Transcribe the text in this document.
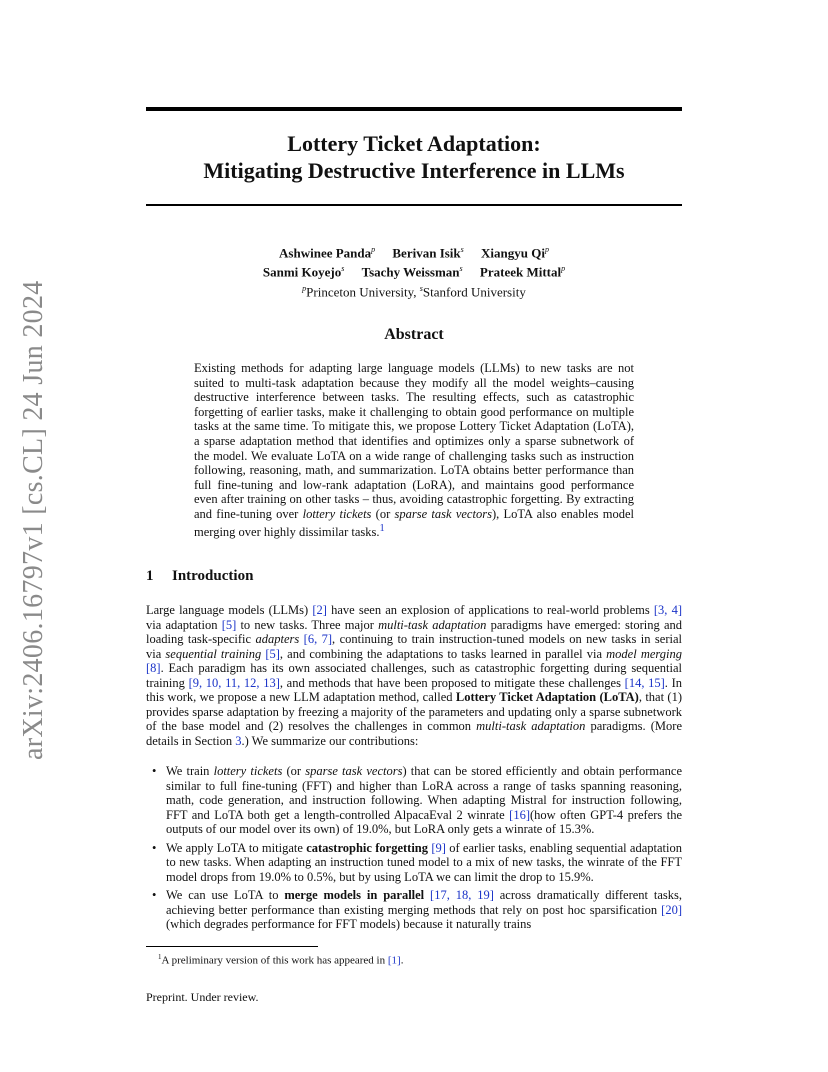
arXiv:2406.16797v1 [cs.CL] 24 Jun 2024
Lottery Ticket Adaptation:
Mitigating Destructive Interference in LLMs
Ashwinee Panda$^p$ Berivan Isik$^s$ Xiangyu Qi$^p$
Sanmi Koyejo$^s$ Tsachy Weissman$^s$ Prateek Mittal$^p$
$^p$Princeton University, $^s$Stanford University
Abstract

Existing methods for adapting large language models (LLMs) to new tasks are not suited to multi-task adaptation because they modify all the model weights–causing destructive interference between tasks. The resulting effects, such as catastrophic forgetting of earlier tasks, make it challenging to obtain good performance on multiple tasks at the same time. To mitigate this, we propose Lottery Ticket Adaptation (LoTA), a sparse adaptation method that identifies and optimizes only a sparse subnetwork of the model. We evaluate LoTA on a wide range of challenging tasks such as instruction following, reasoning, math, and summarization. LoTA obtains better performance than full fine-tuning and low-rank adaptation (LoRA), and maintains good performance even after training on other tasks – thus, avoiding catastrophic forgetting. By extracting and fine-tuning over lottery tickets (or sparse task vectors), LoTA also enables model merging over highly dissimilar tasks.$^1$

1 Introduction

Large language models (LLMs) [2] have seen an explosion of applications to real-world problems [3, 4] via adaptation [5] to new tasks. Three major multi-task adaptation paradigms have emerged: storing and loading task-specific adapters [6, 7], continuing to train instruction-tuned models on new tasks in serial via sequential training [5], and combining the adaptations to tasks learned in parallel via model merging [8]. Each paradigm has its own associated challenges, such as catastrophic forgetting during sequential training [9, 10, 11, 12, 13], and methods that have been proposed to mitigate these challenges [14, 15]. In this work, we propose a new LLM adaptation method, called Lottery Ticket Adaptation (LoTA), that (1) provides sparse adaptation by freezing a majority of the parameters and updating only a sparse subnetwork of the base model and (2) resolves the challenges in common multi-task adaptation paradigms. (More details in Section 3.) We summarize our contributions:

• We train lottery tickets (or sparse task vectors) that can be stored efficiently and obtain performance similar to full fine-tuning (FFT) and higher than LoRA across a range of tasks spanning reasoning, math, code generation, and instruction following. When adapting Mistral for instruction following, FFT and LoTA both get a length-controlled AlpacaEval 2 winrate [16](how often GPT-4 prefers the outputs of our model over its own) of 19.0%, but LoRA only gets a winrate of 15.3%.
• We apply LoTA to mitigate catastrophic forgetting [9] of earlier tasks, enabling sequential adaptation to new tasks. When adapting an instruction tuned model to a mix of new tasks, the winrate of the FFT model drops from 19.0% to 0.5%, but by using LoTA we can limit the drop to 15.9%.
• We can use LoTA to merge models in parallel [17, 18, 19] across dramatically different tasks, achieving better performance than existing merging methods that rely on post hoc sparsification [20] (which degrades performance for FFT models) because it naturally trains
$^1$A preliminary version of this work has appeared in [1].
Preprint. Under review.
